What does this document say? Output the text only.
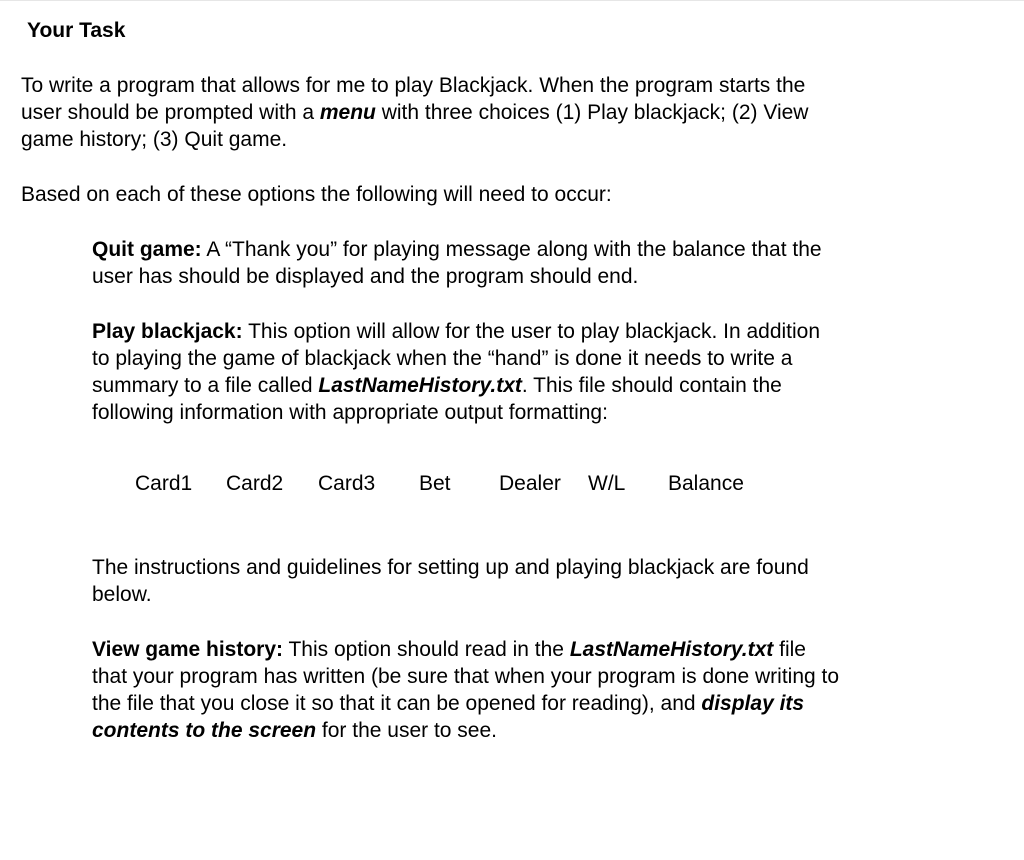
Your Task
To write a program that allows for me to play Blackjack. When the program starts the
user should be prompted with a menu with three choices (1) Play blackjack; (2) View
game history; (3) Quit game.
Based on each of these options the following will need to occur:
Quit game: A “Thank you” for playing message along with the balance that the
user has should be displayed and the program should end.
Play blackjack: This option will allow for the user to play blackjack. In addition
to playing the game of blackjack when the “hand” is done it needs to write a
summary to a file called LastNameHistory.txt. This file should contain the
following information with appropriate output formatting:
Card1 Card2 Card3 Bet Dealer W/L Balance
The instructions and guidelines for setting up and playing blackjack are found
below.
View game history: This option should read in the LastNameHistory.txt file
that your program has written (be sure that when your program is done writing to
the file that you close it so that it can be opened for reading), and display its
contents to the screen for the user to see.
